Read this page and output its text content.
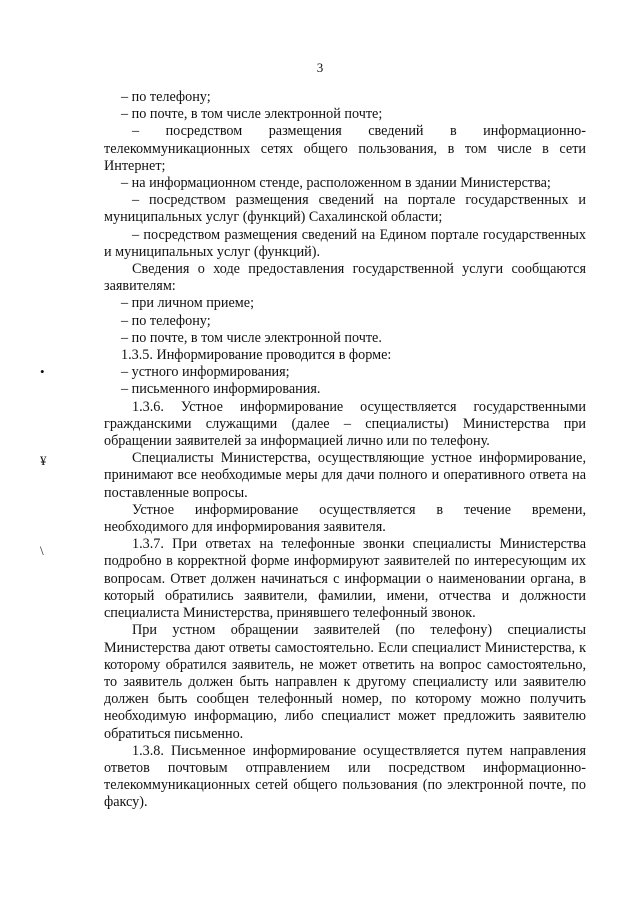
3
•
¥
\

– по телефону;

– по почте, в том числе электронной почте;

– посредством размещения сведений в информационно-телекоммуникационных сетях общего пользования, в том числе в сети Интернет;

– на информационном стенде, расположенном в здании Министерства;

– посредством размещения сведений на портале государственных и муниципальных услуг (функций) Сахалинской области;

– посредством размещения сведений на Едином портале государственных и муниципальных услуг (функций).

Сведения о ходе предоставления государственной услуги сообщаются заявителям:

– при личном приеме;

– по телефону;

– по почте, в том числе электронной почте.

1.3.5. Информирование проводится в форме:

– устного информирования;

– письменного информирования.

1.3.6. Устное информирование осуществляется государственными гражданскими служащими (далее – специалисты) Министерства при обращении заявителей за информацией лично или по телефону.

Специалисты Министерства, осуществляющие устное информирование, принимают все необходимые меры для дачи полного и оперативного ответа на поставленные вопросы.

Устное информирование осуществляется в течение времени, необходимого для информирования заявителя.

1.3.7. При ответах на телефонные звонки специалисты Министерства подробно в корректной форме информируют заявителей по интересующим их вопросам. Ответ должен начинаться с информации о наименовании органа, в который обратились заявители, фамилии, имени, отчества и должности специалиста Министерства, принявшего телефонный звонок.

При устном обращении заявителей (по телефону) специалисты Министерства дают ответы самостоятельно. Если специалист Министерства, к которому обратился заявитель, не может ответить на вопрос самостоятельно, то заявитель должен быть направлен к другому специалисту или заявителю должен быть сообщен телефонный номер, по которому можно получить необходимую информацию, либо специалист может предложить заявителю обратиться письменно.

1.3.8. Письменное информирование осуществляется путем направления ответов почтовым отправлением или посредством информационно-телекоммуникационных сетей общего пользования (по электронной почте, по факсу).
